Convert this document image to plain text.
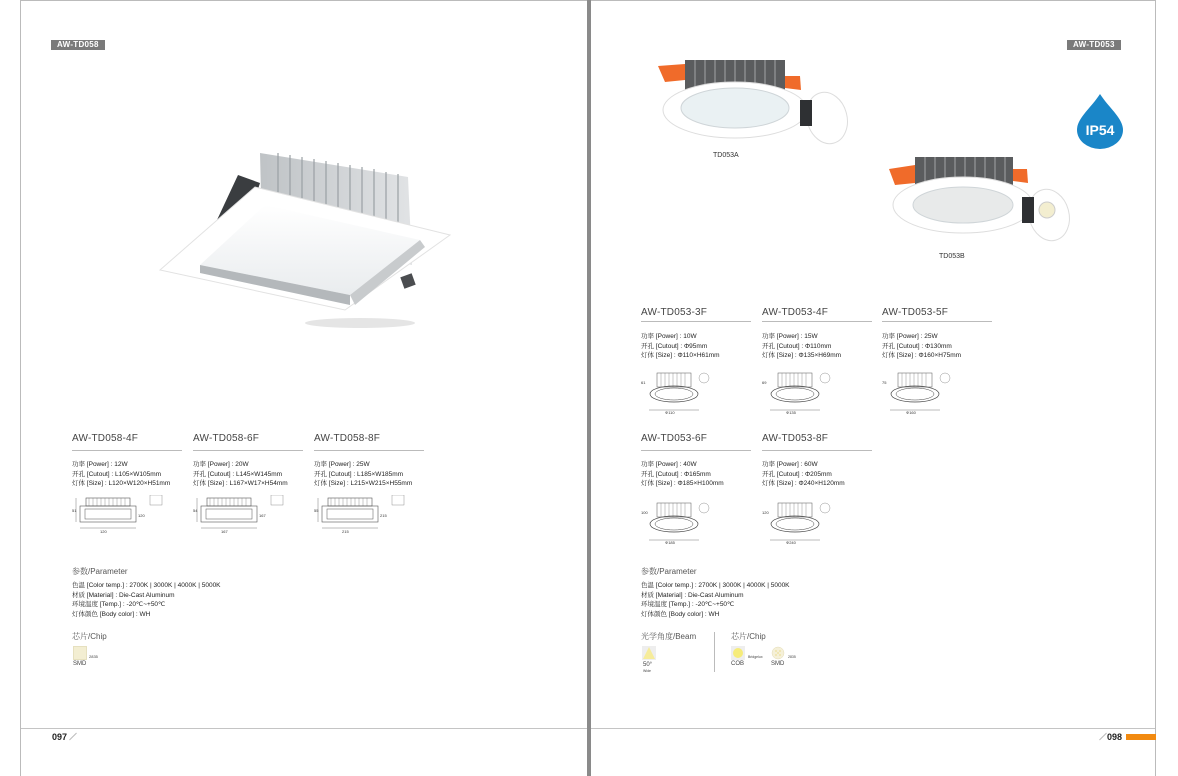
AW-TD058
AW-TD058-4F
功率 [Power] : 12W
开孔 [Cutout] : L105×W105mm
灯体 [Size] : L120×W120×H51mm
AW-TD058-6F
功率 [Power] : 20W
开孔 [Cutout] : L145×W145mm
灯体 [Size] : L167×W17×H54mm
AW-TD058-8F
功率 [Power] : 25W
开孔 [Cutout] : L185×W185mm
灯体 [Size] : L215×W215×H55mm
120
51
120
167
54
167
215
55
215
参数/Parameter
色温 [Color temp.] : 2700K | 3000K | 4000K | 5000K
材质 [Material] : Die-Cast Aluminum
环境温度 [Temp.] : -20℃~+50℃
灯体颜色 [Body color] : WH
芯片/Chip
2835
SMD
097
AW-TD053
IP54
TD053A
TD053B
AW-TD053-3F
功率 [Power] : 10W
开孔 [Cutout] : Φ95mm
灯体 [Size] : Φ110×H61mm
AW-TD053-4F
功率 [Power] : 15W
开孔 [Cutout] : Φ110mm
灯体 [Size] : Φ135×H69mm
AW-TD053-5F
功率 [Power] : 25W
开孔 [Cutout] : Φ130mm
灯体 [Size] : Φ160×H75mm
Φ110
61
Φ135
69
Φ160
75
AW-TD053-6F
功率 [Power] : 40W
开孔 [Cutout] : Φ165mm
灯体 [Size] : Φ185×H100mm
AW-TD053-8F
功率 [Power] : 60W
开孔 [Cutout] : Φ205mm
灯体 [Size] : Φ240×H120mm
Φ185
100
Φ240
120
参数/Parameter
色温 [Color temp.] : 2700K | 3000K | 4000K | 5000K
材质 [Material] : Die-Cast Aluminum
环境温度 [Temp.] : -20℃~+50℃
灯体颜色 [Body color] : WH
光学角度/Beam
50°
Wide
芯片/Chip
Bridgelux
COB
2835
SMD
098
